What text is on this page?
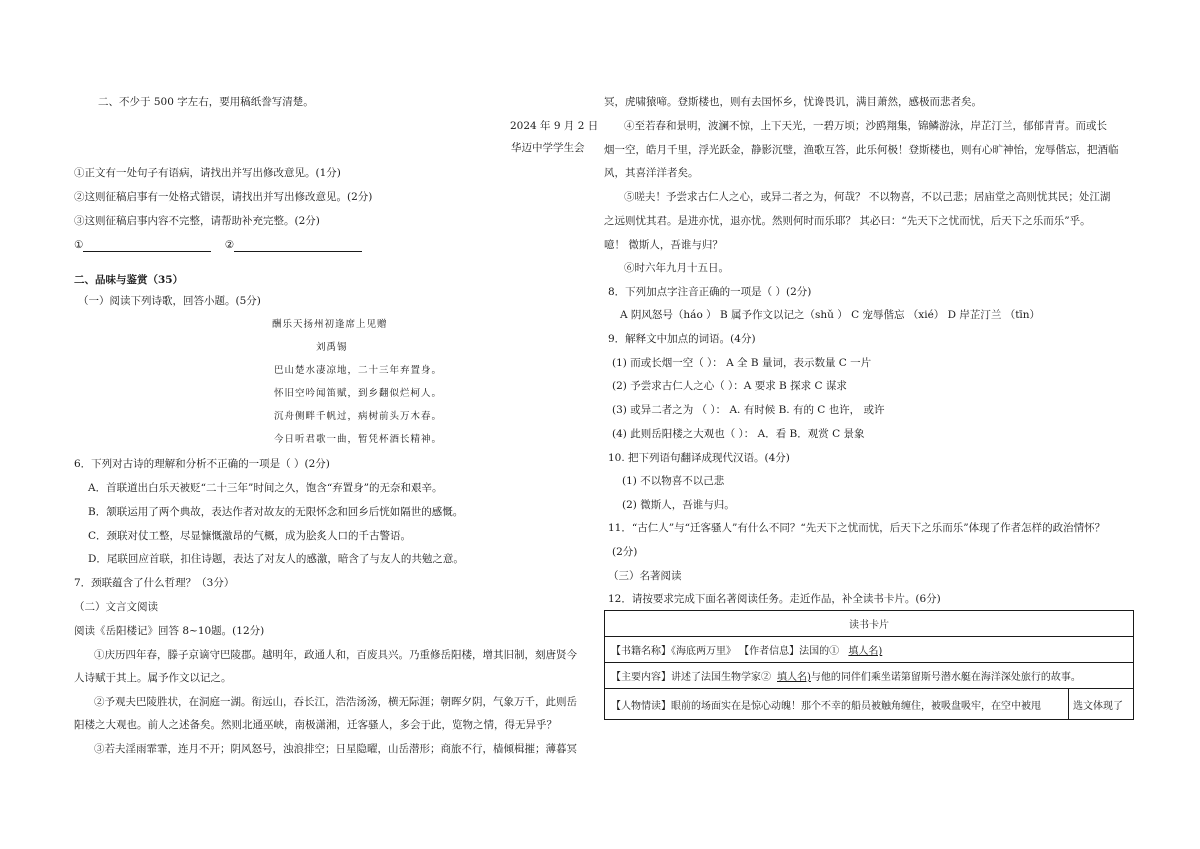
二、不少于 500 字左右，要用稿纸誊写清楚。
2024 年 9 月 2 日
华迈中学学生会
①正文有一处句子有语病，请找出并写出修改意见。(1分)
②这则征稿启事有一处格式错误，请找出并写出修改意见。(2分)
③这则征稿启事内容不完整，请帮助补充完整。(2分)
①	②
二、品味与鉴赏（35）
（一）阅读下列诗歌，回答小题。(5分)
酬乐天扬州初逢席上见赠
刘禹锡
巴山楚水凄凉地，二十三年弃置身。
怀旧空吟闻笛赋，到乡翻似烂柯人。
沉舟侧畔千帆过，病树前头万木春。
今日听君歌一曲，暂凭杯酒长精神。
6．下列对古诗的理解和分析不正确的一项是（ ）(2分)
A．首联道出白乐天被贬“二十三年”时间之久，饱含“弃置身”的无奈和艰辛。
B．颔联运用了两个典故，表达作者对故友的无限怀念和回乡后恍如隔世的感慨。
C．颈联对仗工整，尽显慷慨激昂的气概，成为脍炙人口的千古警语。
D．尾联回应首联，扣住诗题，表达了对友人的感激，暗含了与友人的共勉之意。
7．颈联蕴含了什么哲理？（3分）
（二）文言文阅读
阅读《岳阳楼记》回答 8~10题。(12分)
①庆历四年春，滕子京谪守巴陵郡。越明年，政通人和，百废具兴。乃重修岳阳楼，增其旧制，刻唐贤今
人诗赋于其上。属予作文以记之。
②予观夫巴陵胜状，在洞庭一湖。衔远山，吞长江，浩浩汤汤，横无际涯；朝晖夕阴，气象万千，此则岳
阳楼之大观也。前人之述备矣。然则北通巫峡，南极潇湘，迁客骚人，多会于此，览物之情，得无异乎？
③若夫淫雨霏霏，连月不开；阴风怒号，浊浪排空；日星隐曜，山岳潜形；商旅不行，樯倾楫摧；薄暮冥
冥，虎啸猿啼。登斯楼也，则有去国怀乡，忧谗畏讥，满目萧然，感极而悲者矣。
④至若春和景明，波澜不惊，上下天光，一碧万顷；沙鸥翔集，锦鳞游泳，岸芷汀兰，郁郁青青。而或长
烟一空，皓月千里，浮光跃金，静影沉璧，渔歌互答，此乐何极！登斯楼也，则有心旷神怡，宠辱偕忘，把酒临
风，其喜洋洋者矣。
⑤嗟夫！予尝求古仁人之心，或异二者之为，何哉？ 不以物喜，不以己悲；居庙堂之高则忧其民；处江湖
之远则忧其君。是进亦忧，退亦忧。然则何时而乐耶？ 其必曰：“先天下之忧而忧，后天下之乐而乐”乎。
噫！ 微斯人，吾谁与归？
⑥时六年九月十五日。
8．下列加点字注音正确的一项是（ ）(2分)
A 阴风怒号（háo ） B 属予作文以记之（shǔ ） C 宠辱偕忘 （xié） D 岸芷汀兰 （tīn）
9．解释文中加点的词语。(4分)
(1) 而或长烟一空（ ）： A 全 B 量词，表示数量 C 一片
(2) 予尝求古仁人之心（ ）：A 要求 B 探求 C 谋求
(3) 或异二者之为 （ ）： A. 有时候 B. 有的 C 也许， 或许
(4) 此则岳阳楼之大观也（ ）： A．看 B．观赏 C 景象
10. 把下列语句翻译成现代汉语。(4分)
(1) 不以物喜不以己悲
(2) 微斯人，吾谁与归。
11．“古仁人”与“迁客骚人”有什么不同？“先天下之忧而忧，后天下之乐而乐”体现了作者怎样的政治情怀？
(2分)
（三）名著阅读
12．请按要求完成下面名著阅读任务。走近作品，补全读书卡片。(6分)
读书卡片
【书籍名称】《海底两万里》 【作者信息】法国的① 填人名)
【主要内容】讲述了法国生物学家② 填人名)与他的同伴们乘坐诺第留斯号潜水艇在海洋深处旅行的故事。
【人物情读】眼前的场面实在是惊心动魄！那个不幸的船员被触角缠住，被吸盘吸牢，在空中被甩	选文体现了
